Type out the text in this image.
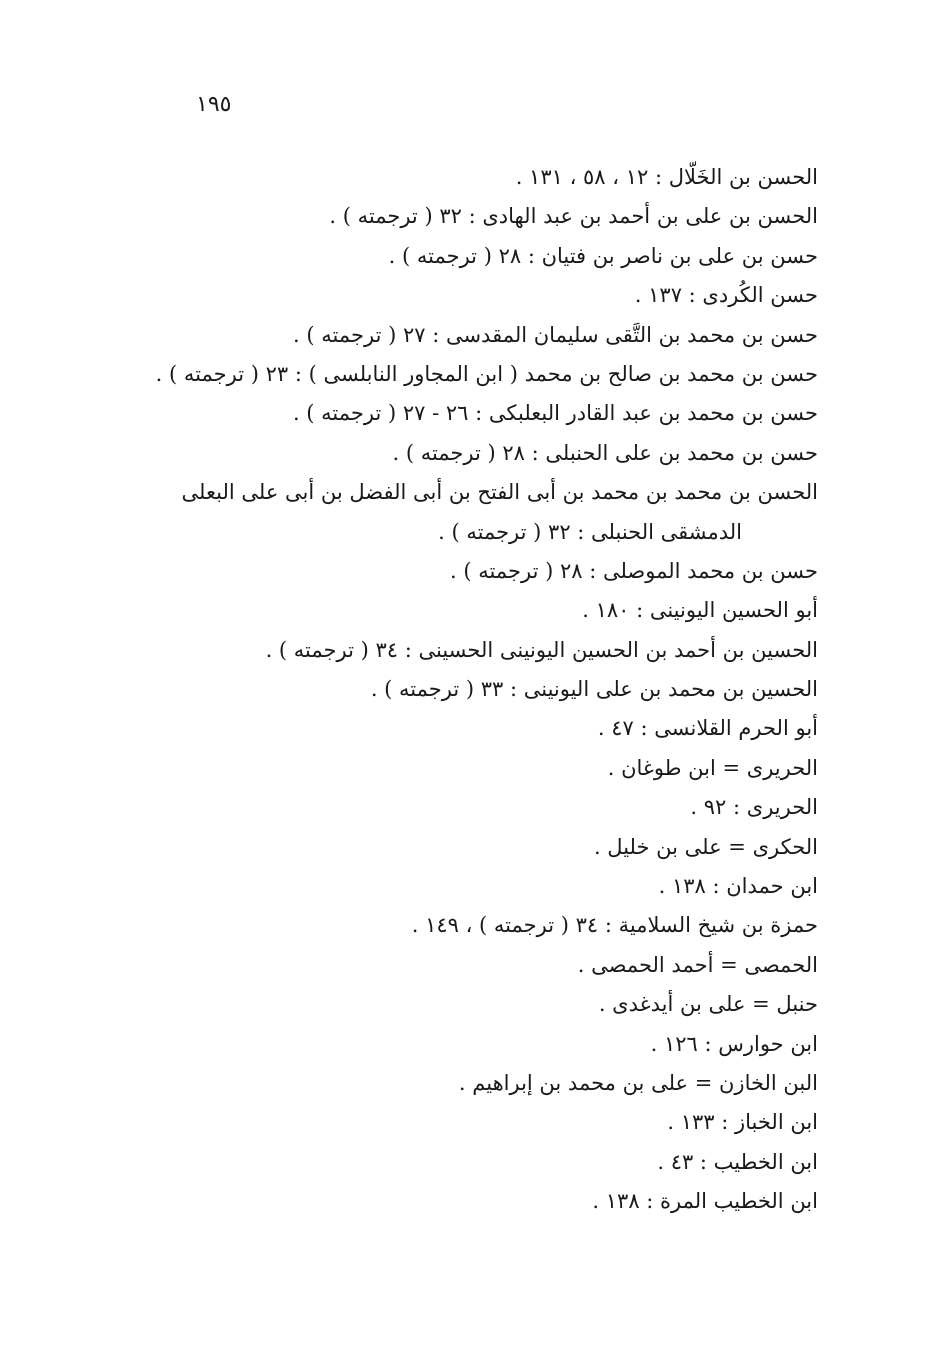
١٩٥
الحسن بن الخَلّال : ١٢ ، ٥٨ ، ١٣١ .
الحسن بن على بن أحمد بن عبد الهادى : ٣٢ ( ترجمته ) .
حسن بن على بن ناصر بن فتيان : ٢٨ ( ترجمته ) .
حسن الكُردى : ١٣٧ .
حسن بن محمد بن التَّقى سليمان المقدسى : ٢٧ ( ترجمته ) .
حسن بن محمد بن صالح بن محمد ( ابن المجاور النابلسى ) : ٢٣ ( ترجمته ) .
حسن بن محمد بن عبد القادر البعلبكى : ٢٦ - ٢٧ ( ترجمته ) .
حسن بن محمد بن على الحنبلى : ٢٨ ( ترجمته ) .
الحسن بن محمد بن محمد بن أبى الفتح بن أبى الفضل بن أبى على البعلى
الدمشقى الحنبلى : ٣٢ ( ترجمته ) .
حسن بن محمد الموصلى : ٢٨ ( ترجمته ) .
أبو الحسين اليونينى : ١٨٠ .
الحسين بن أحمد بن الحسين اليونينى الحسينى : ٣٤ ( ترجمته ) .
الحسين بن محمد بن على اليونينى : ٣٣ ( ترجمته ) .
أبو الحرم القلانسى : ٤٧ .
الحريرى = ابن طوغان .
الحريرى : ٩٢ .
الحكرى = على بن خليل .
ابن حمدان : ١٣٨ .
حمزة بن شيخ السلامية : ٣٤ ( ترجمته ) ، ١٤٩ .
الحمصى = أحمد الحمصى .
حنبل = على بن أيدغدى .
ابن حوارس : ١٢٦ .
البن الخازن = على بن محمد بن إبراهيم .
ابن الخباز : ١٣٣ .
ابن الخطيب : ٤٣ .
ابن الخطيب المرة : ١٣٨ .
